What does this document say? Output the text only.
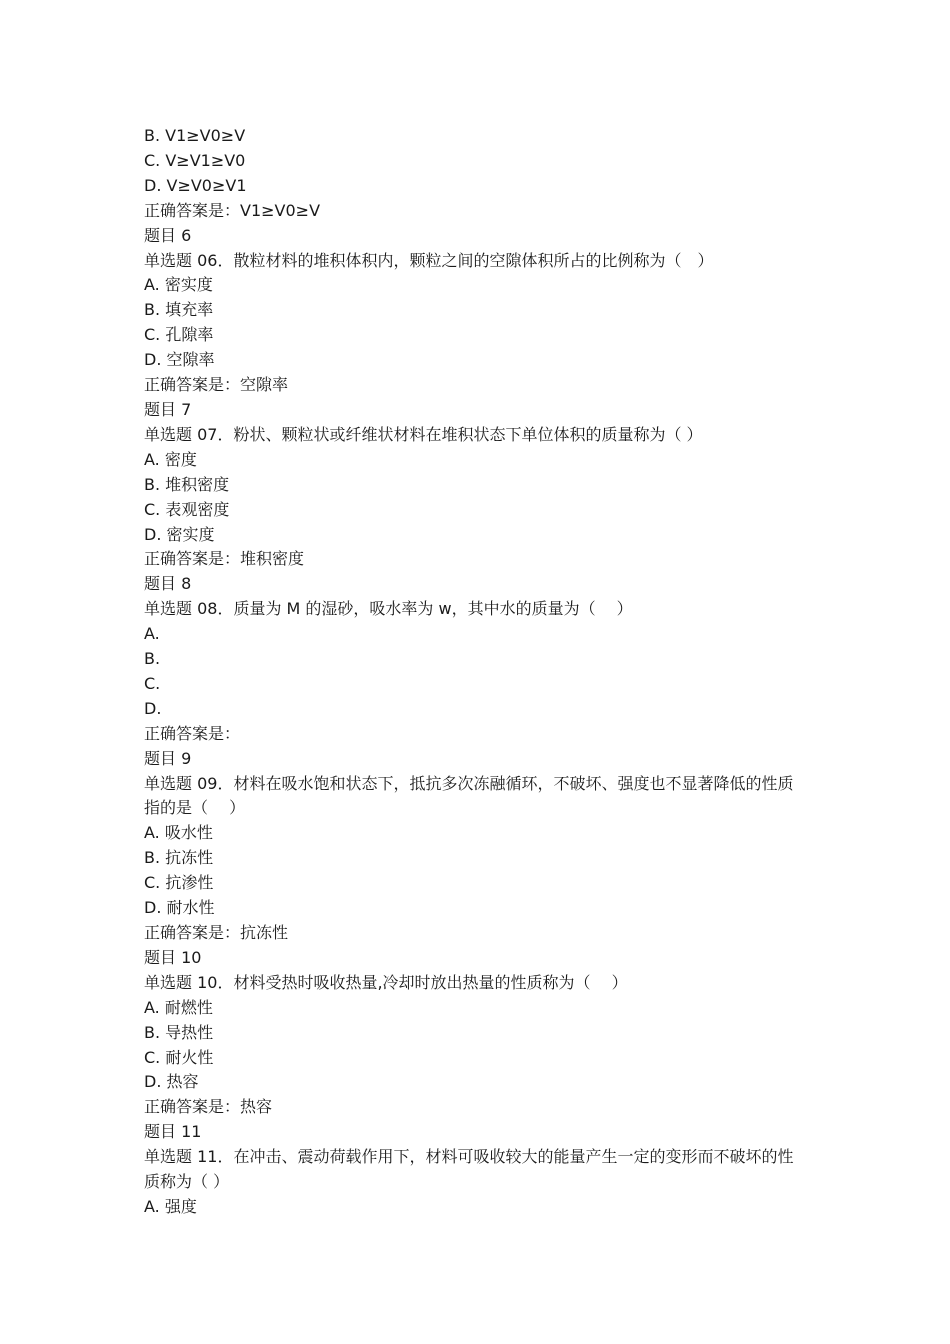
B. V1≥V0≥V
C. V≥V1≥V0
D. V≥V0≥V1
正确答案是：V1≥V0≥V
题目 6
单选题 06．散粒材料的堆积体积内，颗粒之间的空隙体积所占的比例称为（　）
A. 密实度
B. 填充率
C. 孔隙率
D. 空隙率
正确答案是：空隙率
题目 7
单选题 07．粉状、颗粒状或纤维状材料在堆积状态下单位体积的质量称为（ ）
A. 密度
B. 堆积密度
C. 表观密度
D. 密实度
正确答案是：堆积密度
题目 8
单选题 08．质量为 M 的湿砂，吸水率为 w，其中水的质量为（　 ）
A.
B.
C.
D.
正确答案是：
题目 9
单选题 09．材料在吸水饱和状态下，抵抗多次冻融循环，不破坏、强度也不显著降低的性质
指的是（　 ）
A. 吸水性
B. 抗冻性
C. 抗渗性
D. 耐水性
正确答案是：抗冻性
题目 10
单选题 10．材料受热时吸收热量,冷却时放出热量的性质称为（　 ）
A. 耐燃性
B. 导热性
C. 耐火性
D. 热容
正确答案是：热容
题目 11
单选题 11．在冲击、震动荷载作用下，材料可吸收较大的能量产生一定的变形而不破坏的性
质称为（ ）
A. 强度
